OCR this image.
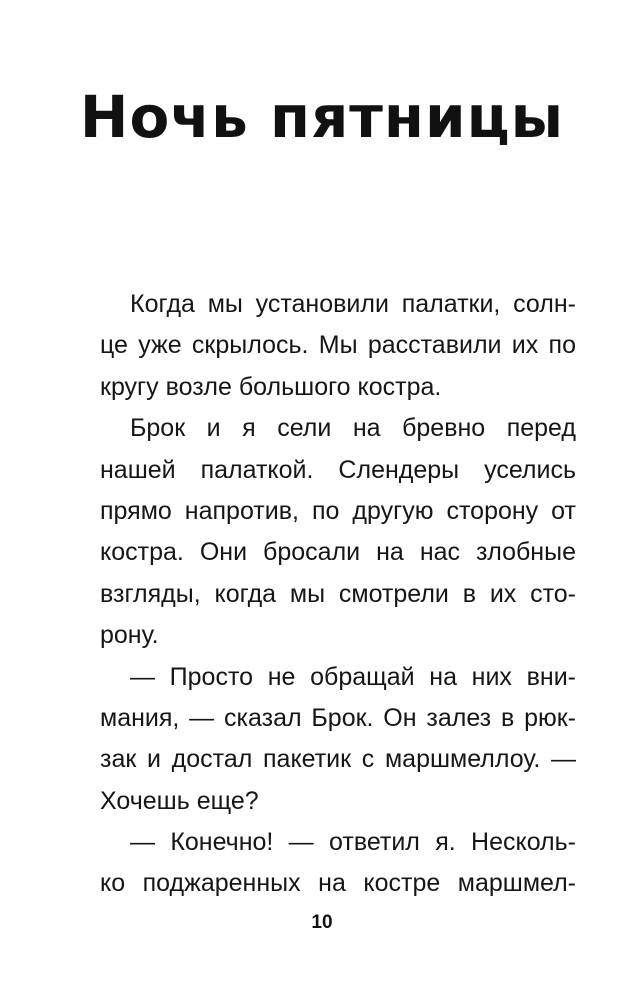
Ночь пятницы
Когда мы установили палатки, солн-
це уже скрылось. Мы расставили их по
кругу возле большого костра.
Брок и я сели на бревно перед
нашей палаткой. Слендеры уселись
прямо напротив, по другую сторону от
костра. Они бросали на нас злобные
взгляды, когда мы смотрели в их сто-
рону.
— Просто не обращай на них вни-
мания, — сказал Брок. Он залез в рюк-
зак и достал пакетик с маршмеллоу. —
Хочешь еще?
— Конечно! — ответил я. Несколь-
ко поджаренных на костре маршмел-
10
